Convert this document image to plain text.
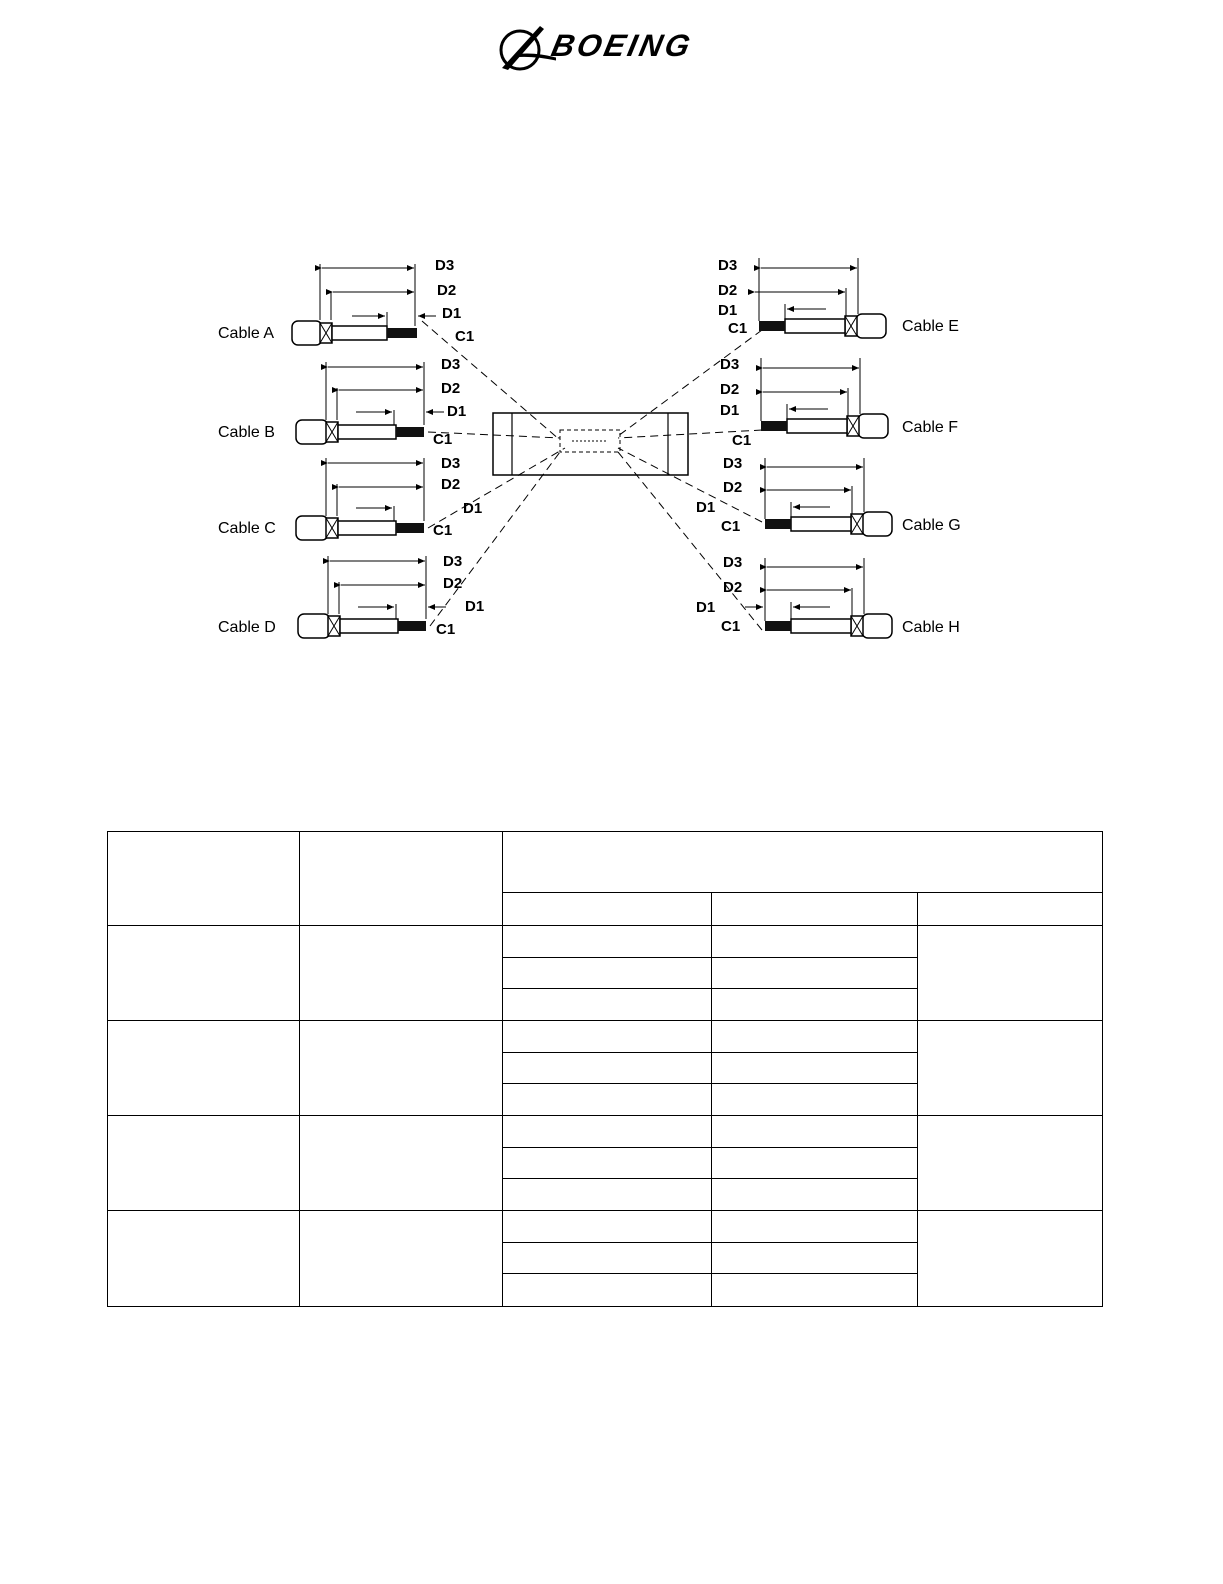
BOEING
Cable A
Cable B
Cable C
Cable D
Cable E
Cable F
Cable G
Cable H
D3
D2
D1
C1
D3
D2
D1
C1
D3
D2
D1
C1
D3
D2
D1
C1
D3
D2
D1
C1
D3
D2
D1
C1
D3
D2
D1
C1
D3
D2
D1
C1
